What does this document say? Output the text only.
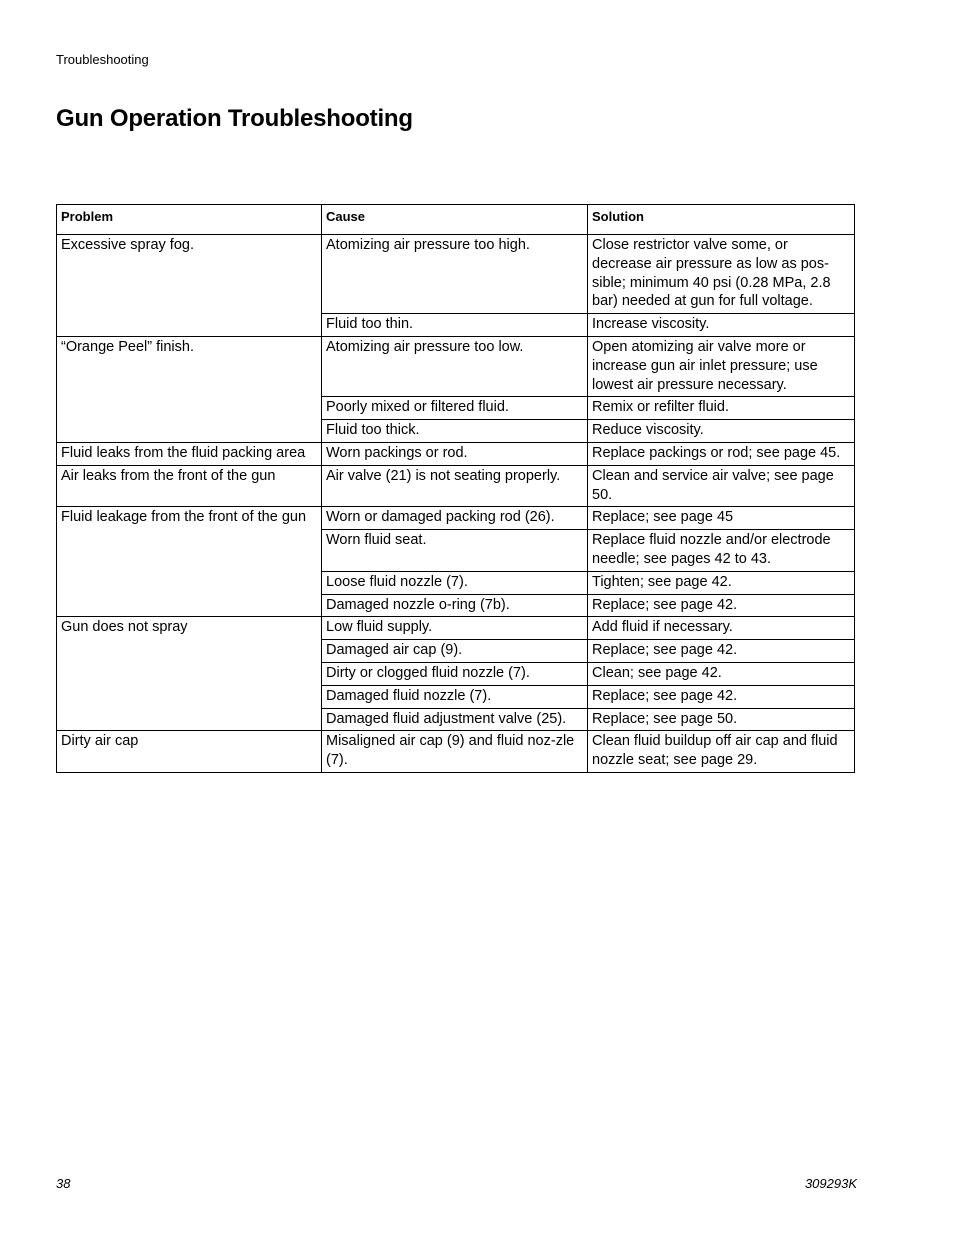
Troubleshooting
Gun Operation Troubleshooting
Problem	Cause	Solution
Excessive spray fog.	Atomizing air pressure too high.	Close restrictor valve some, or decrease air pressure as low as pos-sible; minimum 40 psi (0.28 MPa, 2.8 bar) needed at gun for full voltage.
	Fluid too thin.	Increase viscosity.
“Orange Peel” finish.	Atomizing air pressure too low.	Open atomizing air valve more or increase gun air inlet pressure; use lowest air pressure necessary.
	Poorly mixed or filtered fluid.	Remix or refilter fluid.
	Fluid too thick.	Reduce viscosity.
Fluid leaks from the fluid packing area	Worn packings or rod.	Replace packings or rod; see page 45.
Air leaks from the front of the gun	Air valve (21) is not seating properly.	Clean and service air valve; see page 50.
Fluid leakage from the front of the gun	Worn or damaged packing rod (26).	Replace; see page 45
	Worn fluid seat.	Replace fluid nozzle and/or electrode needle; see pages 42 to 43.
	Loose fluid nozzle (7).	Tighten; see page 42.
	Damaged nozzle o-ring (7b).	Replace; see page 42.
Gun does not spray	Low fluid supply.	Add fluid if necessary.
	Damaged air cap (9).	Replace; see page 42.
	Dirty or clogged fluid nozzle (7).	Clean; see page 42.
	Damaged fluid nozzle (7).	Replace; see page 42.
	Damaged fluid adjustment valve (25).	Replace; see page 50.
Dirty air cap	Misaligned air cap (9) and fluid noz-zle (7).	Clean fluid buildup off air cap and fluid nozzle seat; see page 29.
38	309293K
